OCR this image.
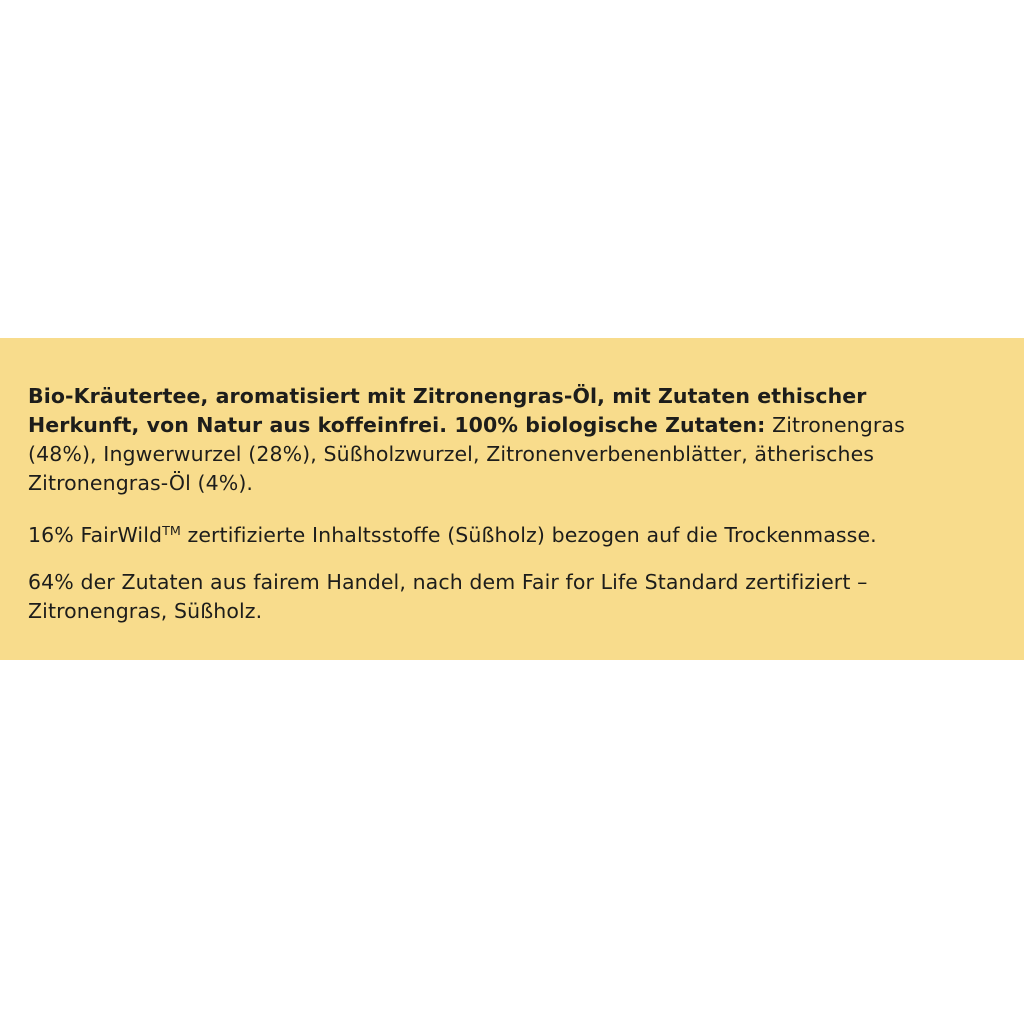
Bio-Kräutertee, aromatisiert mit Zitronengras-Öl, mit Zutaten ethischer Herkunft, von Natur aus koffeinfrei. 100% biologische Zutaten: Zitronengras (48%), Ingwerwurzel (28%), Süßholzwurzel, Zitronenverbenenblätter, ätherisches Zitronengras-Öl (4%).

16% FairWild™ zertifizierte Inhaltsstoffe (Süßholz) bezogen auf die Trockenmasse.

64% der Zutaten aus fairem Handel, nach dem Fair for Life Standard zertifiziert – Zitronengras, Süßholz.
